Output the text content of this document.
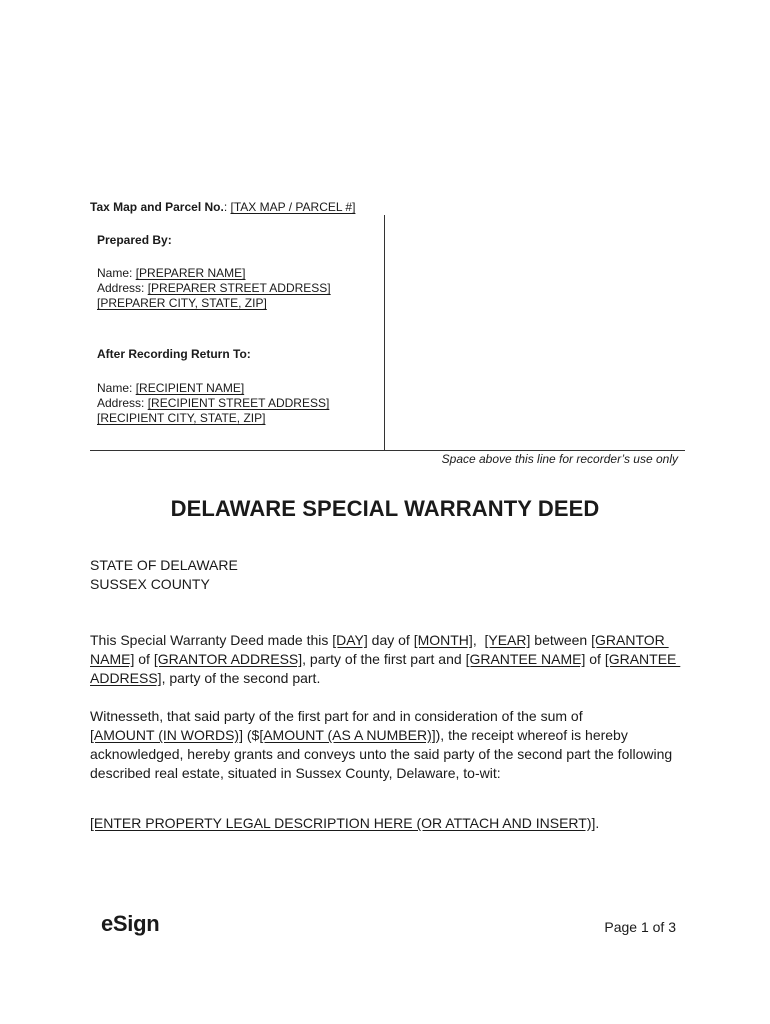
Tax Map and Parcel No.: [TAX MAP / PARCEL #]
Prepared By:
Name: [PREPARER NAME]
Address: [PREPARER STREET ADDRESS]
[PREPARER CITY, STATE, ZIP]
After Recording Return To:
Name: [RECIPIENT NAME]
Address: [RECIPIENT STREET ADDRESS]
[RECIPIENT CITY, STATE, ZIP]
Space above this line for recorder’s use only
DELAWARE SPECIAL WARRANTY DEED
STATE OF DELAWARE
SUSSEX COUNTY
This Special Warranty Deed made this [DAY] day of [MONTH],  [YEAR] between [GRANTOR
NAME] of [GRANTOR ADDRESS], party of the first part and [GRANTEE NAME] of [GRANTEE
ADDRESS], party of the second part.
Witnesseth, that said party of the first part for and in consideration of the sum of
[AMOUNT (IN WORDS)] ($[AMOUNT (AS A NUMBER)]), the receipt whereof is hereby
acknowledged, hereby grants and conveys unto the said party of the second part the following
described real estate, situated in Sussex County, Delaware, to-wit:
[ENTER PROPERTY LEGAL DESCRIPTION HERE (OR ATTACH AND INSERT)].
eSign	Page 1 of 3
